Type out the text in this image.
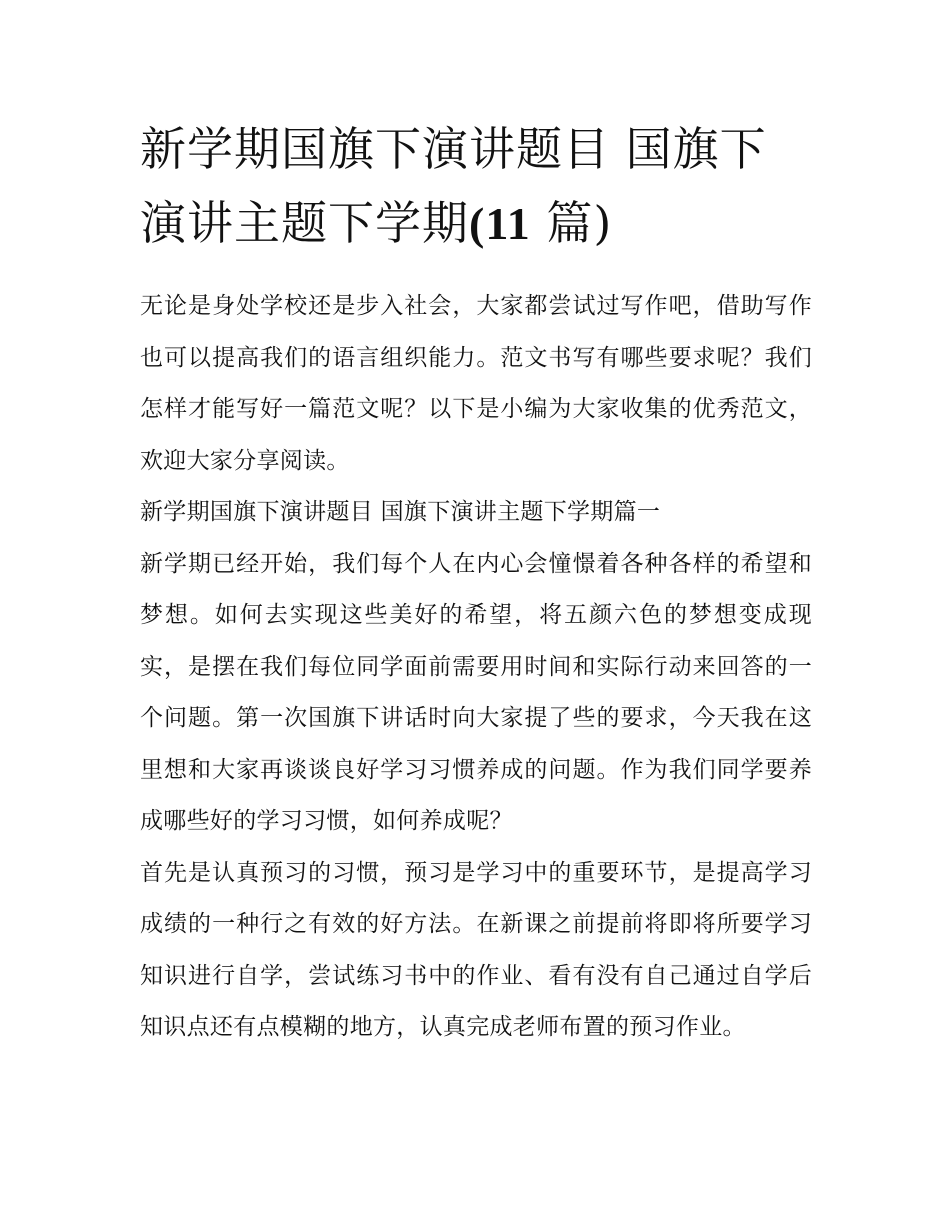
新学期国旗下演讲题目 国旗下演讲主题下学期(11 篇)

无论是身处学校还是步入社会，大家都尝试过写作吧，借助写作也可以提高我们的语言组织能力。范文书写有哪些要求呢？我们怎样才能写好一篇范文呢？以下是小编为大家收集的优秀范文，欢迎大家分享阅读。

新学期国旗下演讲题目 国旗下演讲主题下学期篇一

新学期已经开始，我们每个人在内心会憧憬着各种各样的希望和梦想。如何去实现这些美好的希望，将五颜六色的梦想变成现实，是摆在我们每位同学面前需要用时间和实际行动来回答的一个问题。第一次国旗下讲话时向大家提了些的要求，今天我在这里想和大家再谈谈良好学习习惯养成的问题。作为我们同学要养成哪些好的学习习惯，如何养成呢？

首先是认真预习的习惯，预习是学习中的重要环节，是提高学习成绩的一种行之有效的好方法。在新课之前提前将即将所要学习知识进行自学，尝试练习书中的作业、看有没有自己通过自学后知识点还有点模糊的地方，认真完成老师布置的预习作业。
